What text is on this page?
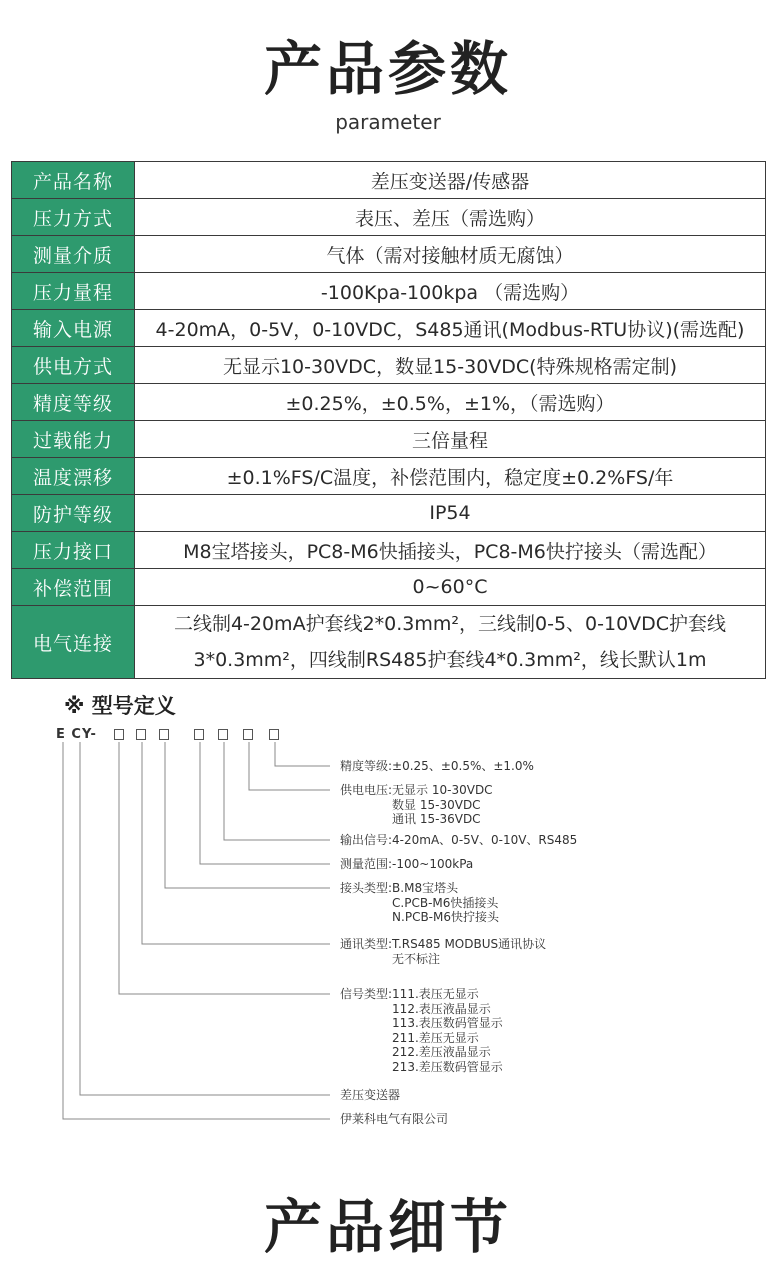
产品参数
parameter
产品名称	差压变送器/传感器
压力方式	表压、差压（需选购）
测量介质	气体（需对接触材质无腐蚀）
压力量程	-100Kpa-100kpa （需选购）
输入电源	4-20mA，0-5V，0-10VDC，S485通讯(Modbus-RTU协议)(需选配)
供电方式	无显示10-30VDC，数显15-30VDC(特殊规格需定制)
精度等级	±0.25%，±0.5%，±1%，（需选购）
过载能力	三倍量程
温度漂移	±0.1%FS/C温度，补偿范围内，稳定度±0.2%FS/年
防护等级	IP54
压力接口	M8宝塔接头，PC8-M6快插接头，PC8-M6快拧接头（需选配）
补偿范围	0~60°C
电气连接	二线制4-20mA护套线2*0.3mm²，三线制0-5、0-10VDC护套线3*0.3mm²，四线制RS485护套线4*0.3mm²，线长默认1m
※ 型号定义
E CY-
精度等级: ±0.25、±0.5%、±1.0%
供电电压: 无显示 10-30VDC
数显 15-30VDC
通讯 15-36VDC
输出信号: 4-20mA、0-5V、0-10V、RS485
测量范围: -100~100kPa
接头类型: B.M8宝塔头
C.PCB-M6快插接头
N.PCB-M6快拧接头
通讯类型: T.RS485 MODBUS通讯协议
无不标注
信号类型: 111.表压无显示
112.表压液晶显示
113.表压数码管显示
211.差压无显示
212.差压液晶显示
213.差压数码管显示
差压变送器
伊莱科电气有限公司
产品细节
